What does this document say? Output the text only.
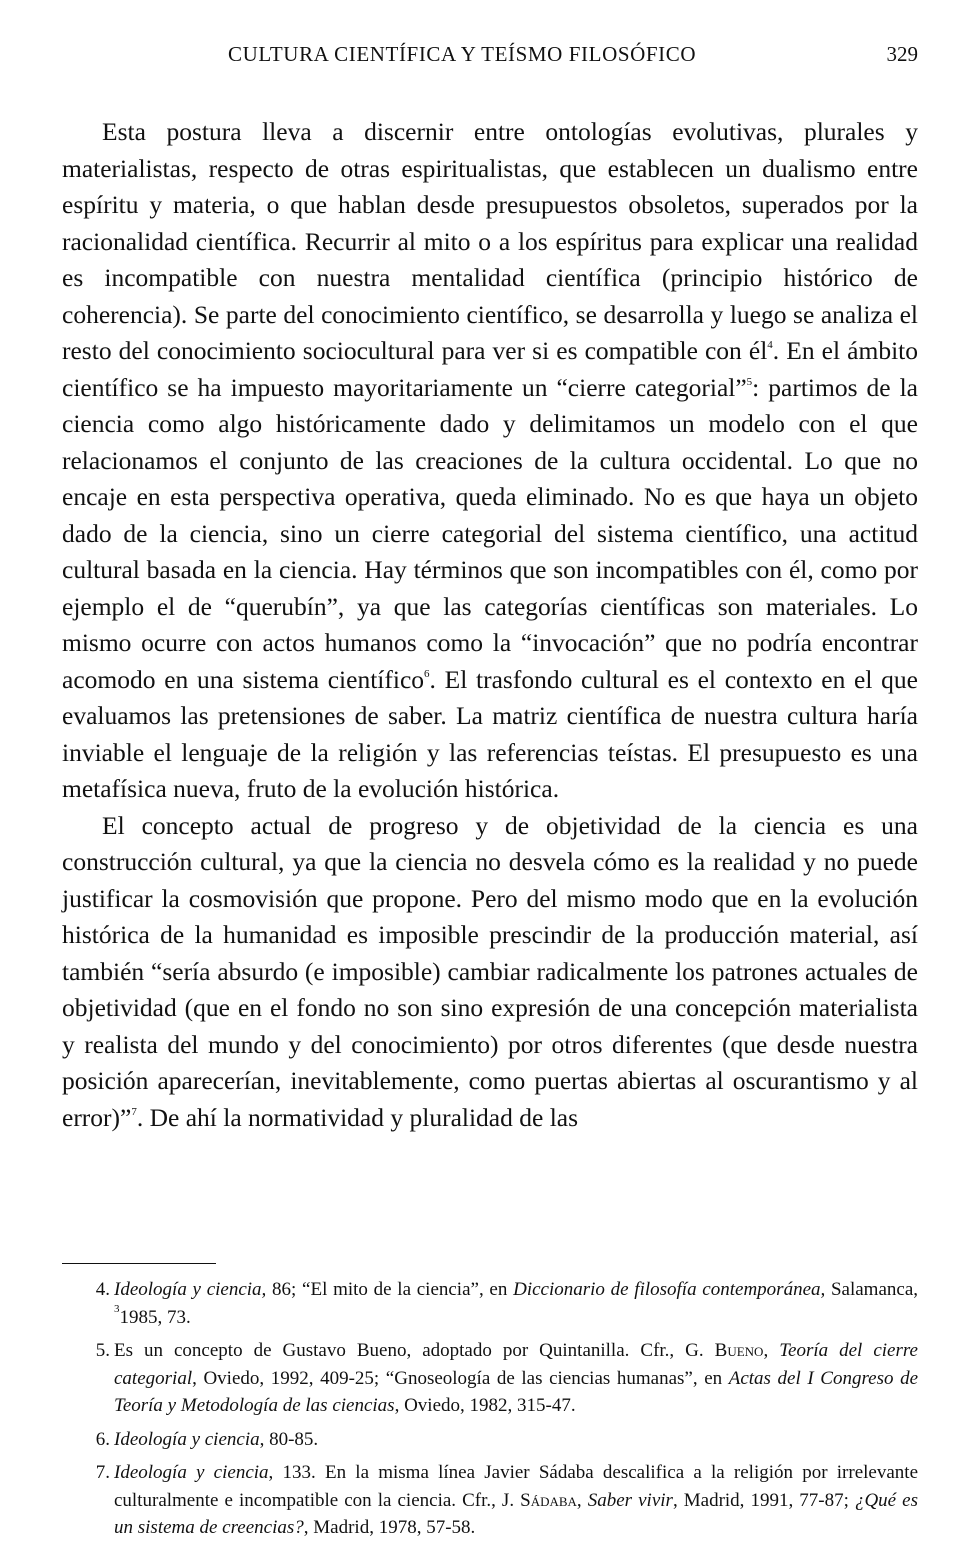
CULTURA CIENTÍFICA Y TEÍSMO FILOSÓFICO	329

Esta postura lleva a discernir entre ontologías evolutivas, plurales y materialistas, respecto de otras espiritualistas, que establecen un dualismo entre espíritu y materia, o que hablan desde presupuestos obsoletos, superados por la racionalidad científica. Recurrir al mito o a los espíritus para explicar una realidad es incompatible con nuestra mentalidad científica (principio histórico de coherencia). Se parte del conocimiento científico, se desarrolla y luego se analiza el resto del conocimiento sociocultural para ver si es compatible con $él^4$. En el ámbito científico se ha impuesto mayoritariamente un “cierre categorial”$^5$: partimos de la ciencia como algo históricamente dado y delimitamos un modelo con el que relacionamos el conjunto de las creaciones de la cultura occidental. Lo que no encaje en esta perspectiva operativa, queda eliminado. No es que haya un objeto dado de la ciencia, sino un cierre categorial del sistema científico, una actitud cultural basada en la ciencia. Hay términos que son incompatibles con él, como por ejemplo el de “querubín”, ya que las categorías científicas son materiales. Lo mismo ocurre con actos humanos como la “invocación” que no podría encontrar acomodo en una sistema científico$^6$. El trasfondo cultural es el contexto en el que evaluamos las pretensiones de saber. La matriz científica de nuestra cultura haría inviable el lenguaje de la religión y las referencias teístas. El presupuesto es una metafísica nueva, fruto de la evolución histórica.

El concepto actual de progreso y de objetividad de la ciencia es una construcción cultural, ya que la ciencia no desvela cómo es la realidad y no puede justificar la cosmovisión que propone. Pero del mismo modo que en la evolución histórica de la humanidad es imposible prescindir de la producción material, así también “sería absurdo (e imposible) cambiar radicalmente los patrones actuales de objetividad (que en el fondo no son sino expresión de una concepción materialista y realista del mundo y del conocimiento) por otros diferentes (que desde nuestra posición aparecerían, inevitablemente, como puertas abiertas al oscurantismo y al error)”$^7$. De ahí la normatividad y pluralidad de las

4. Ideología y ciencia, 86; “El mito de la ciencia”, en Diccionario de filosofía contemporánea, Salamanca, $^3$1985, 73.
5. Es un concepto de Gustavo Bueno, adoptado por Quintanilla. Cfr., G. Bueno, Teoría del cierre categorial, Oviedo, 1992, 409-25; “Gnoseología de las ciencias humanas”, en Actas del I Congreso de Teoría y Metodología de las ciencias, Oviedo, 1982, 315-47.
6. Ideología y ciencia, 80-85.
7. Ideología y ciencia, 133. En la misma línea Javier Sádaba descalifica a la religión por irrelevante culturalmente e incompatible con la ciencia. Cfr., J. Sádaba, Saber vivir, Madrid, 1991, 77-87; ¿Qué es un sistema de creencias?, Madrid, 1978, 57-58.
